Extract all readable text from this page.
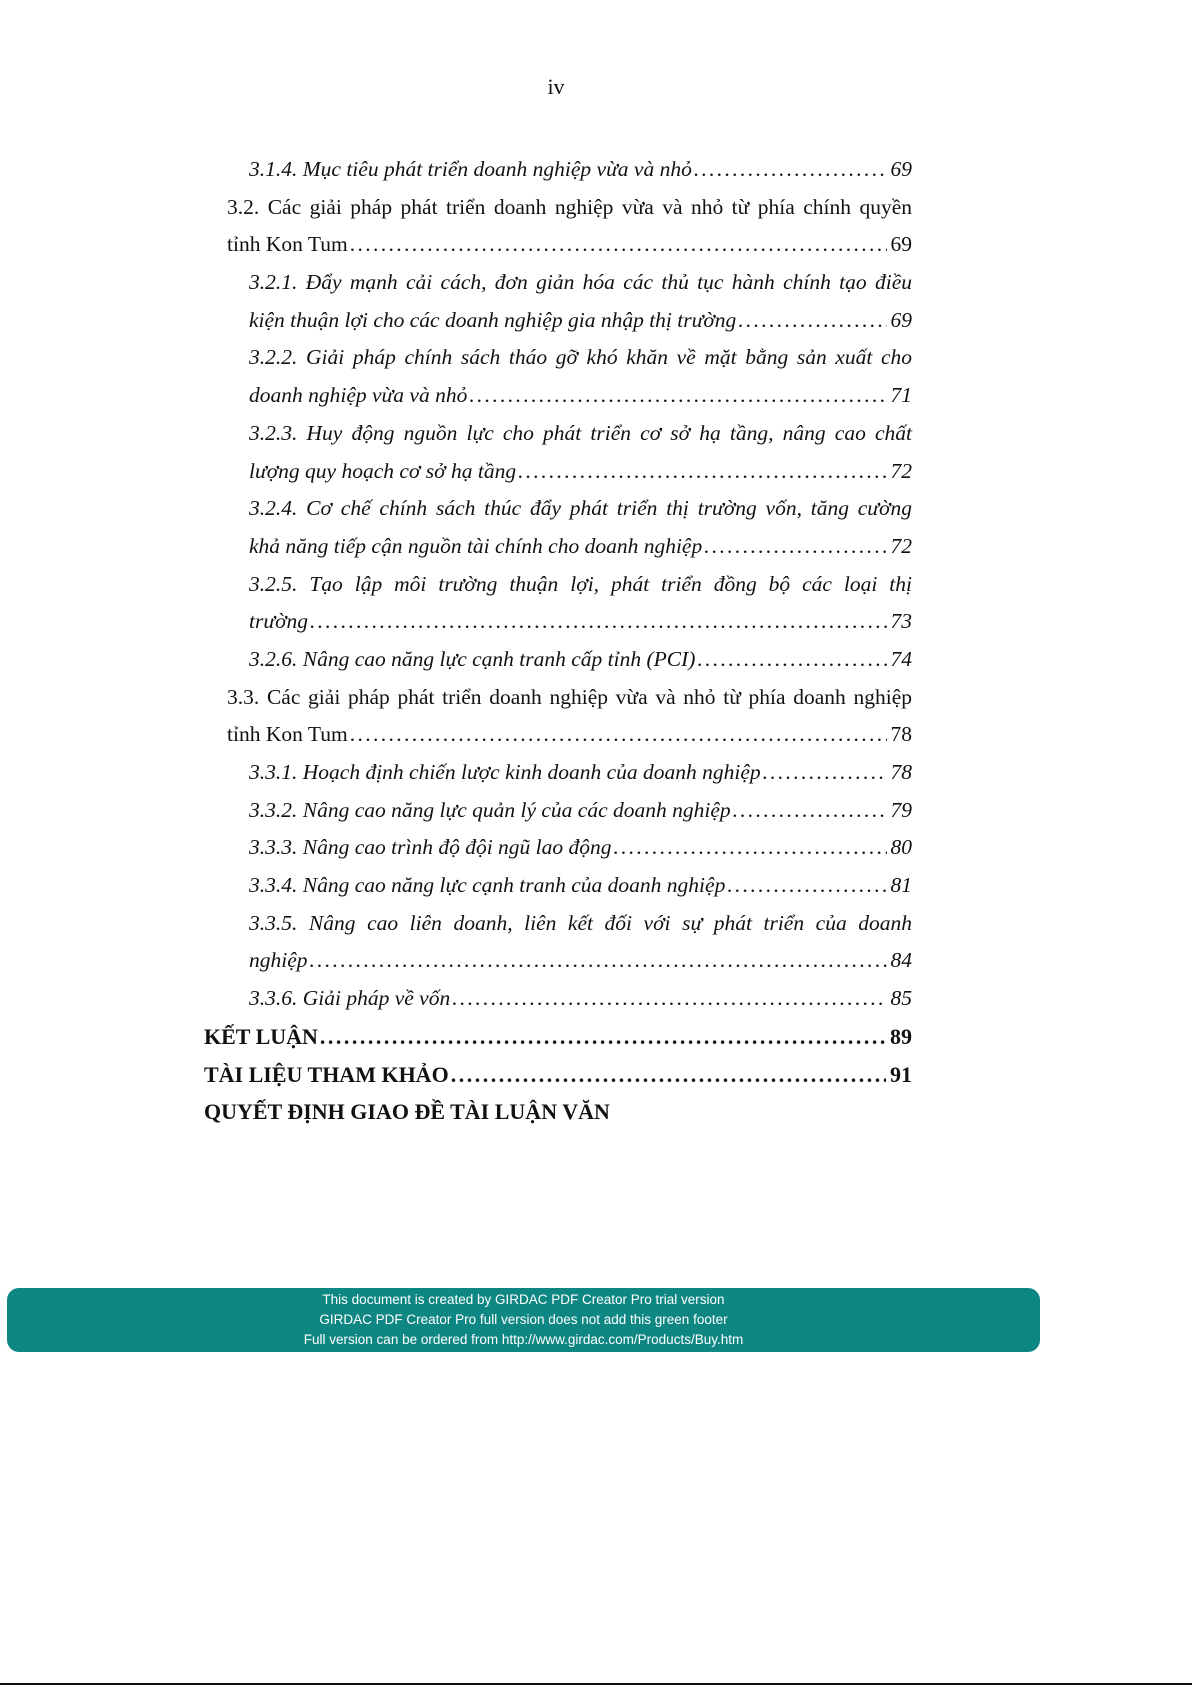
iv
3.1.4. Mục tiêu phát triển doanh nghiệp vừa và nhỏ . . .	69
3.2. Các giải pháp phát triển doanh nghiệp vừa và nhỏ từ phía chính quyền
tỉnh Kon Tum . . .	69
3.2.1. Đẩy mạnh cải cách, đơn giản hóa các thủ tục hành chính tạo điều
kiện thuận lợi cho các doanh nghiệp gia nhập thị trường . . .	69
3.2.2. Giải pháp chính sách tháo gỡ khó khăn về mặt bằng sản xuất cho
doanh nghiệp vừa và nhỏ . . .	71
3.2.3. Huy động nguồn lực cho phát triển cơ sở hạ tầng, nâng cao chất
lượng quy hoạch cơ sở hạ tầng . . .	72
3.2.4. Cơ chế chính sách thúc đẩy phát triển thị trường vốn, tăng cường
khả năng tiếp cận nguồn tài chính cho doanh nghiệp . . .	72
3.2.5. Tạo lập môi trường thuận lợi, phát triển đồng bộ các loại thị
trường . . .	73
3.2.6. Nâng cao năng lực cạnh tranh cấp tỉnh (PCI) . . .	74
3.3. Các giải pháp phát triển doanh nghiệp vừa và nhỏ từ phía doanh nghiệp
tỉnh Kon Tum . . .	78
3.3.1. Hoạch định chiến lược kinh doanh của doanh nghiệp . . .	78
3.3.2. Nâng cao năng lực quản lý của các doanh nghiệp . . .	79
3.3.3. Nâng cao trình độ đội ngũ lao động . . .	80
3.3.4. Nâng cao năng lực cạnh tranh của doanh nghiệp . . .	81
3.3.5. Nâng cao liên doanh, liên kết đối với sự phát triển của doanh
nghiệp . . .	84
3.3.6. Giải pháp về vốn . . .	85
KẾT LUẬN . . .	89
TÀI LIỆU THAM KHẢO . . .	91
QUYẾT ĐỊNH GIAO ĐỀ TÀI LUẬN VĂN
This document is created by GIRDAC PDF Creator Pro trial version
GIRDAC PDF Creator Pro full version does not add this green footer
Full version can be ordered from http://www.girdac.com/Products/Buy.htm
